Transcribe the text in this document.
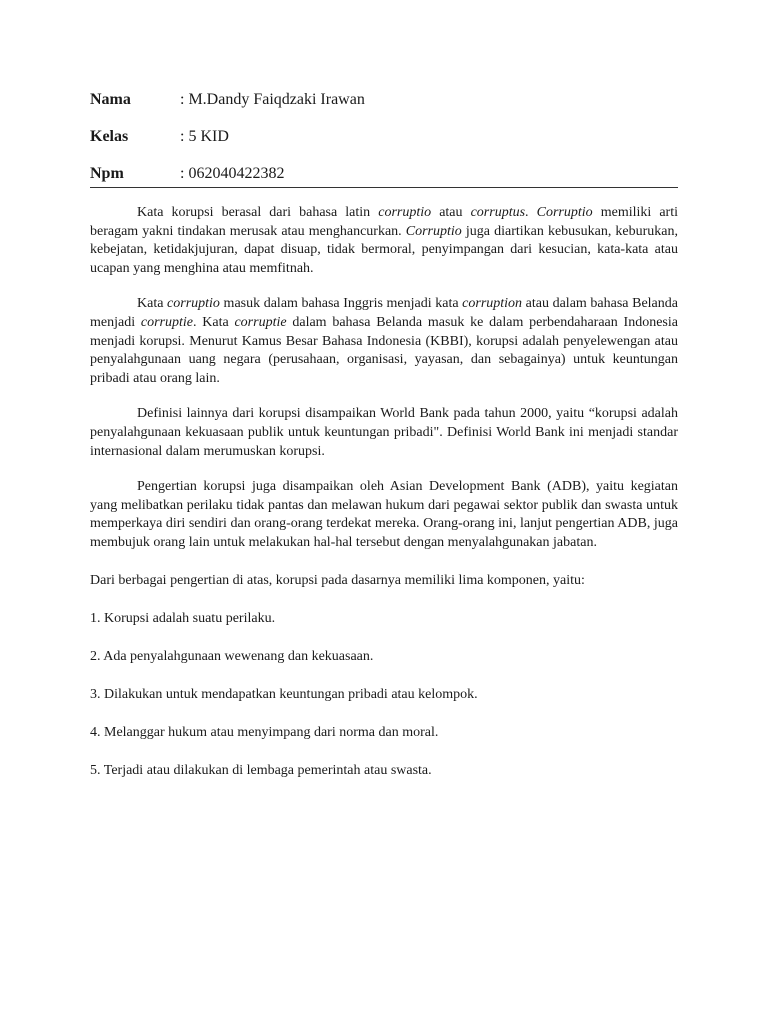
Nama	: M.Dandy Faiqdzaki Irawan
Kelas	: 5 KID
Npm	: 062040422382

Kata korupsi berasal dari bahasa latin corruptio atau corruptus. Corruptio memiliki arti beragam yakni tindakan merusak atau menghancurkan. Corruptio juga diartikan kebusukan, keburukan, kebejatan, ketidakjujuran, dapat disuap, tidak bermoral, penyimpangan dari kesucian, kata-kata atau ucapan yang menghina atau memfitnah.

Kata corruptio masuk dalam bahasa Inggris menjadi kata corruption atau dalam bahasa Belanda menjadi corruptie. Kata corruptie dalam bahasa Belanda masuk ke dalam perbendaharaan Indonesia menjadi korupsi. Menurut Kamus Besar Bahasa Indonesia (KBBI), korupsi adalah penyelewengan atau penyalahgunaan uang negara (perusahaan, organisasi, yayasan, dan sebagainya) untuk keuntungan pribadi atau orang lain.

Definisi lainnya dari korupsi disampaikan World Bank pada tahun 2000, yaitu “korupsi adalah penyalahgunaan kekuasaan publik untuk keuntungan pribadi". Definisi World Bank ini menjadi standar internasional dalam merumuskan korupsi.

Pengertian korupsi juga disampaikan oleh Asian Development Bank (ADB), yaitu kegiatan yang melibatkan perilaku tidak pantas dan melawan hukum dari pegawai sektor publik dan swasta untuk memperkaya diri sendiri dan orang-orang terdekat mereka. Orang-orang ini, lanjut pengertian ADB, juga membujuk orang lain untuk melakukan hal-hal tersebut dengan menyalahgunakan jabatan.

Dari berbagai pengertian di atas, korupsi pada dasarnya memiliki lima komponen, yaitu:

1. Korupsi adalah suatu perilaku.

2. Ada penyalahgunaan wewenang dan kekuasaan.

3. Dilakukan untuk mendapatkan keuntungan pribadi atau kelompok.

4. Melanggar hukum atau menyimpang dari norma dan moral.

5. Terjadi atau dilakukan di lembaga pemerintah atau swasta.
